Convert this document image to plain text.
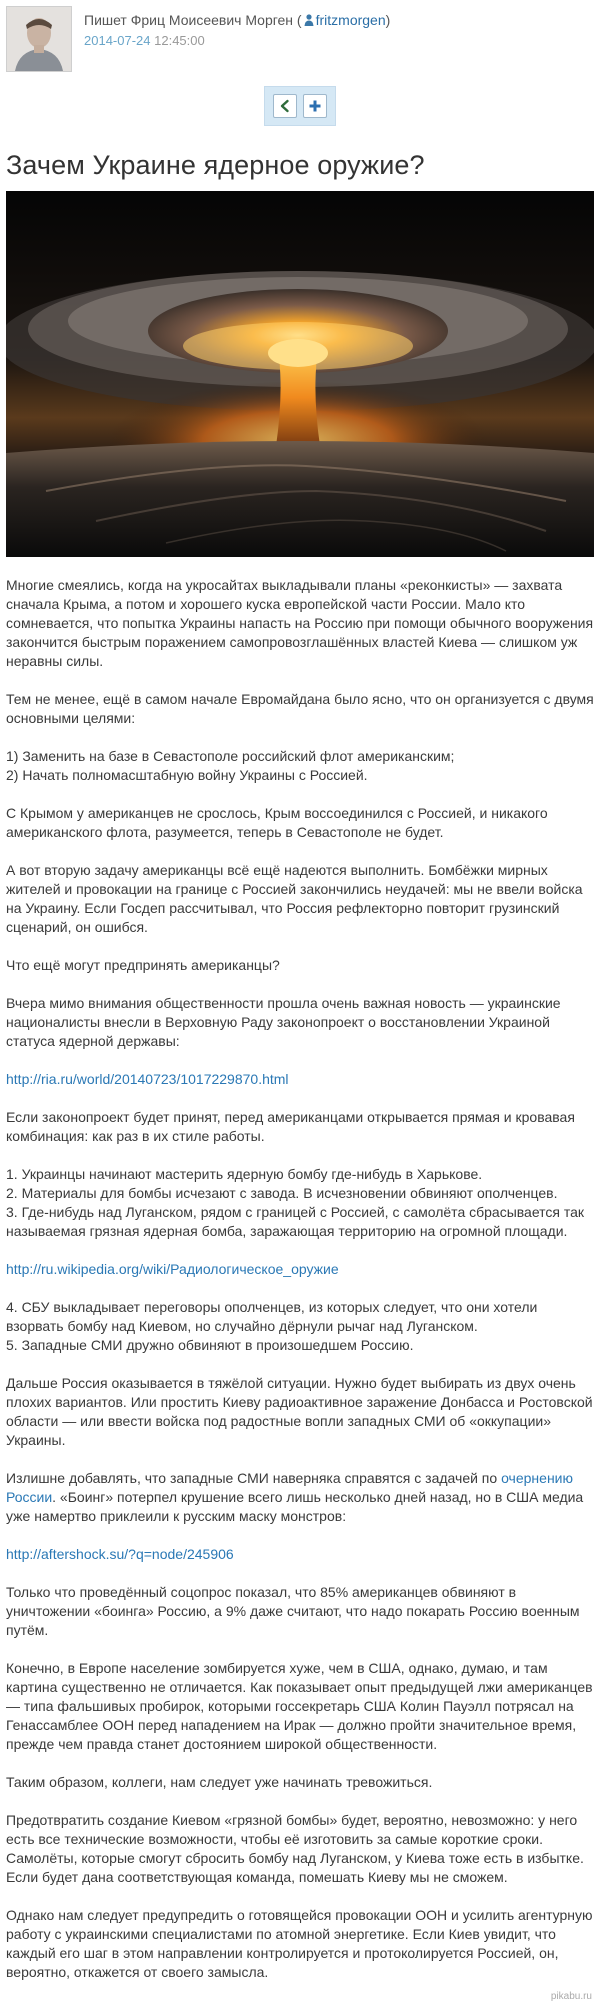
Пишет Фриц Моисеевич Морген ( fritzmorgen)
2014-07-24 12:45:00
Зачем Украине ядерное оружие?

Многие смеялись, когда на укросайтах выкладывали планы «реконкисты» — захвата сначала Крыма, а потом и хорошего куска европейской части России. Мало кто сомневается, что попытка Украины напасть на Россию при помощи обычного вооружения закончится быстрым поражением самопровозглашённых властей Киева — слишком уж неравны силы.

Тем не менее, ещё в самом начале Евромайдана было ясно, что он организуется с двумя основными целями:

1) Заменить на базе в Севастополе российский флот американским;
2) Начать полномасштабную войну Украины с Россией.

С Крымом у американцев не срослось, Крым воссоединился с Россией, и никакого американского флота, разумеется, теперь в Севастополе не будет.

А вот вторую задачу американцы всё ещё надеются выполнить. Бомбёжки мирных жителей и провокации на границе с Россией закончились неудачей: мы не ввели войска на Украину. Если Госдеп рассчитывал, что Россия рефлекторно повторит грузинский сценарий, он ошибся.

Что ещё могут предпринять американцы?

Вчера мимо внимания общественности прошла очень важная новость — украинские националисты внесли в Верховную Раду законопроект о восстановлении Украиной статуса ядерной державы:

http://ria.ru/world/20140723/1017229870.html

Если законопроект будет принят, перед американцами открывается прямая и кровавая комбинация: как раз в их стиле работы.

1. Украинцы начинают мастерить ядерную бомбу где-нибудь в Харькове.
2. Материалы для бомбы исчезают с завода. В исчезновении обвиняют ополченцев.
3. Где-нибудь над Луганском, рядом с границей с Россией, с самолёта сбрасывается так называемая грязная ядерная бомба, заражающая территорию на огромной площади.

http://ru.wikipedia.org/wiki/Радиологическое_оружие

4. СБУ выкладывает переговоры ополченцев, из которых следует, что они хотели взорвать бомбу над Киевом, но случайно дёрнули рычаг над Луганском.
5. Западные СМИ дружно обвиняют в произошедшем Россию.

Дальше Россия оказывается в тяжёлой ситуации. Нужно будет выбирать из двух очень плохих вариантов. Или простить Киеву радиоактивное заражение Донбасса и Ростовской области — или ввести войска под радостные вопли западных СМИ об «оккупации» Украины.

Излишне добавлять, что западные СМИ наверняка справятся с задачей по очернению России. «Боинг» потерпел крушение всего лишь несколько дней назад, но в США медиа уже намертво приклеили к русским маску монстров:

http://aftershock.su/?q=node/245906

Только что проведённый соцопрос показал, что 85% американцев обвиняют в уничтожении «боинга» Россию, а 9% даже считают, что надо покарать Россию военным путём.

Конечно, в Европе население зомбируется хуже, чем в США, однако, думаю, и там картина существенно не отличается. Как показывает опыт предыдущей лжи американцев — типа фальшивых пробирок, которыми госсекретарь США Колин Пауэлл потрясал на Генассамблее ООН перед нападением на Ирак — должно пройти значительное время, прежде чем правда станет достоянием широкой общественности.

Таким образом, коллеги, нам следует уже начинать тревожиться.

Предотвратить создание Киевом «грязной бомбы» будет, вероятно, невозможно: у него есть все технические возможности, чтобы её изготовить за самые короткие сроки. Самолёты, которые смогут сбросить бомбу над Луганском, у Киева тоже есть в избытке. Если будет дана соответствующая команда, помешать Киеву мы не сможем.

Однако нам следует предупредить о готовящейся провокации ООН и усилить агентурную работу с украинскими специалистами по атомной энергетике. Если Киев увидит, что каждый его шаг в этом направлении контролируется и протоколируется Россией, он, вероятно, откажется от своего замысла.

pikabu.ru
